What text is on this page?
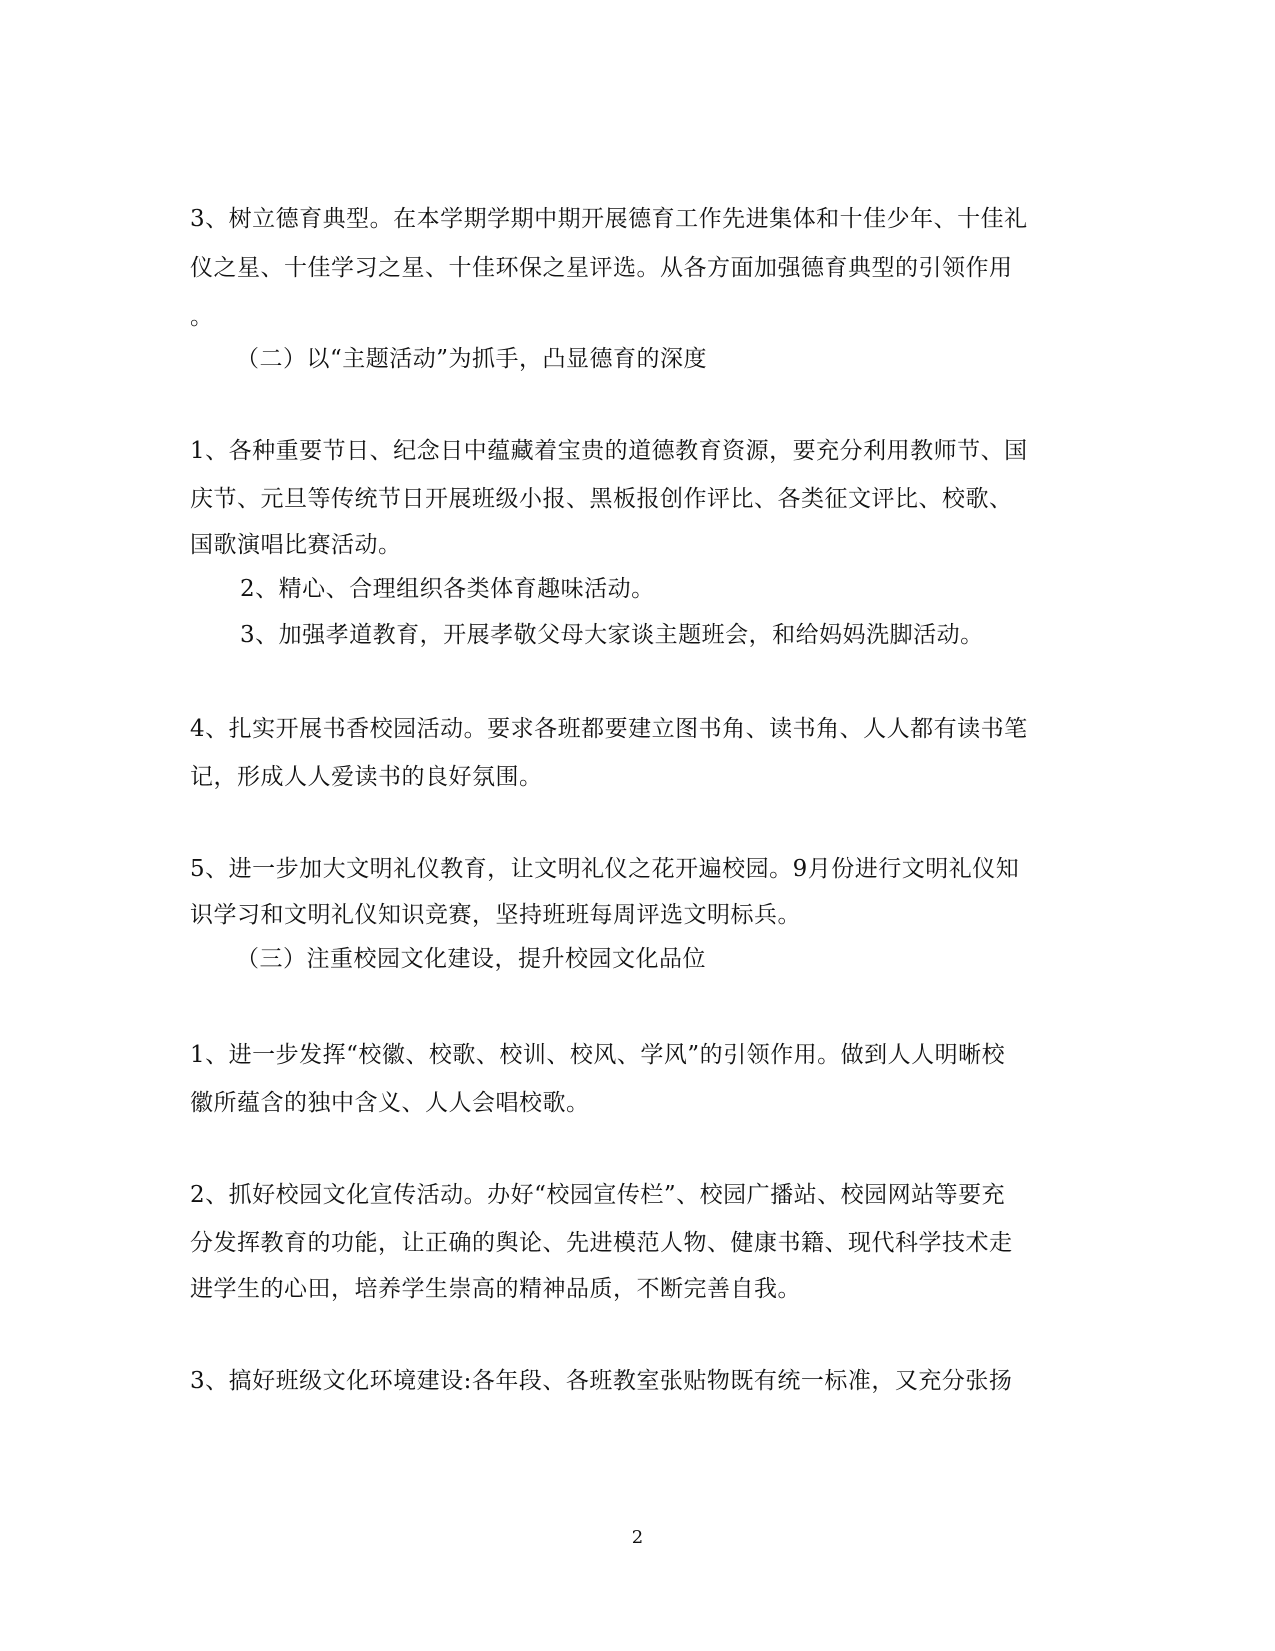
3、树立德育典型。在本学期学期中期开展德育工作先进集体和十佳少年、十佳礼
仪之星、十佳学习之星、十佳环保之星评选。从各方面加强德育典型的引领作用
。
（二）以“主题活动”为抓手，凸显德育的深度
1、各种重要节日、纪念日中蕴藏着宝贵的道德教育资源，要充分利用教师节、国
庆节、元旦等传统节日开展班级小报、黑板报创作评比、各类征文评比、校歌、
国歌演唱比赛活动。
2、精心、合理组织各类体育趣味活动。
3、加强孝道教育，开展孝敬父母大家谈主题班会，和给妈妈洗脚活动。
4、扎实开展书香校园活动。要求各班都要建立图书角、读书角、人人都有读书笔
记，形成人人爱读书的良好氛围。
5、进一步加大文明礼仪教育，让文明礼仪之花开遍校园。9月份进行文明礼仪知
识学习和文明礼仪知识竞赛，坚持班班每周评选文明标兵。
（三）注重校园文化建设，提升校园文化品位
1、进一步发挥“校徽、校歌、校训、校风、学风”的引领作用。做到人人明晰校
徽所蕴含的独中含义、人人会唱校歌。
2、抓好校园文化宣传活动。办好“校园宣传栏”、校园广播站、校园网站等要充
分发挥教育的功能，让正确的舆论、先进模范人物、健康书籍、现代科学技术走
进学生的心田，培养学生崇高的精神品质，不断完善自我。
3、搞好班级文化环境建设:各年段、各班教室张贴物既有统一标准，又充分张扬
2
